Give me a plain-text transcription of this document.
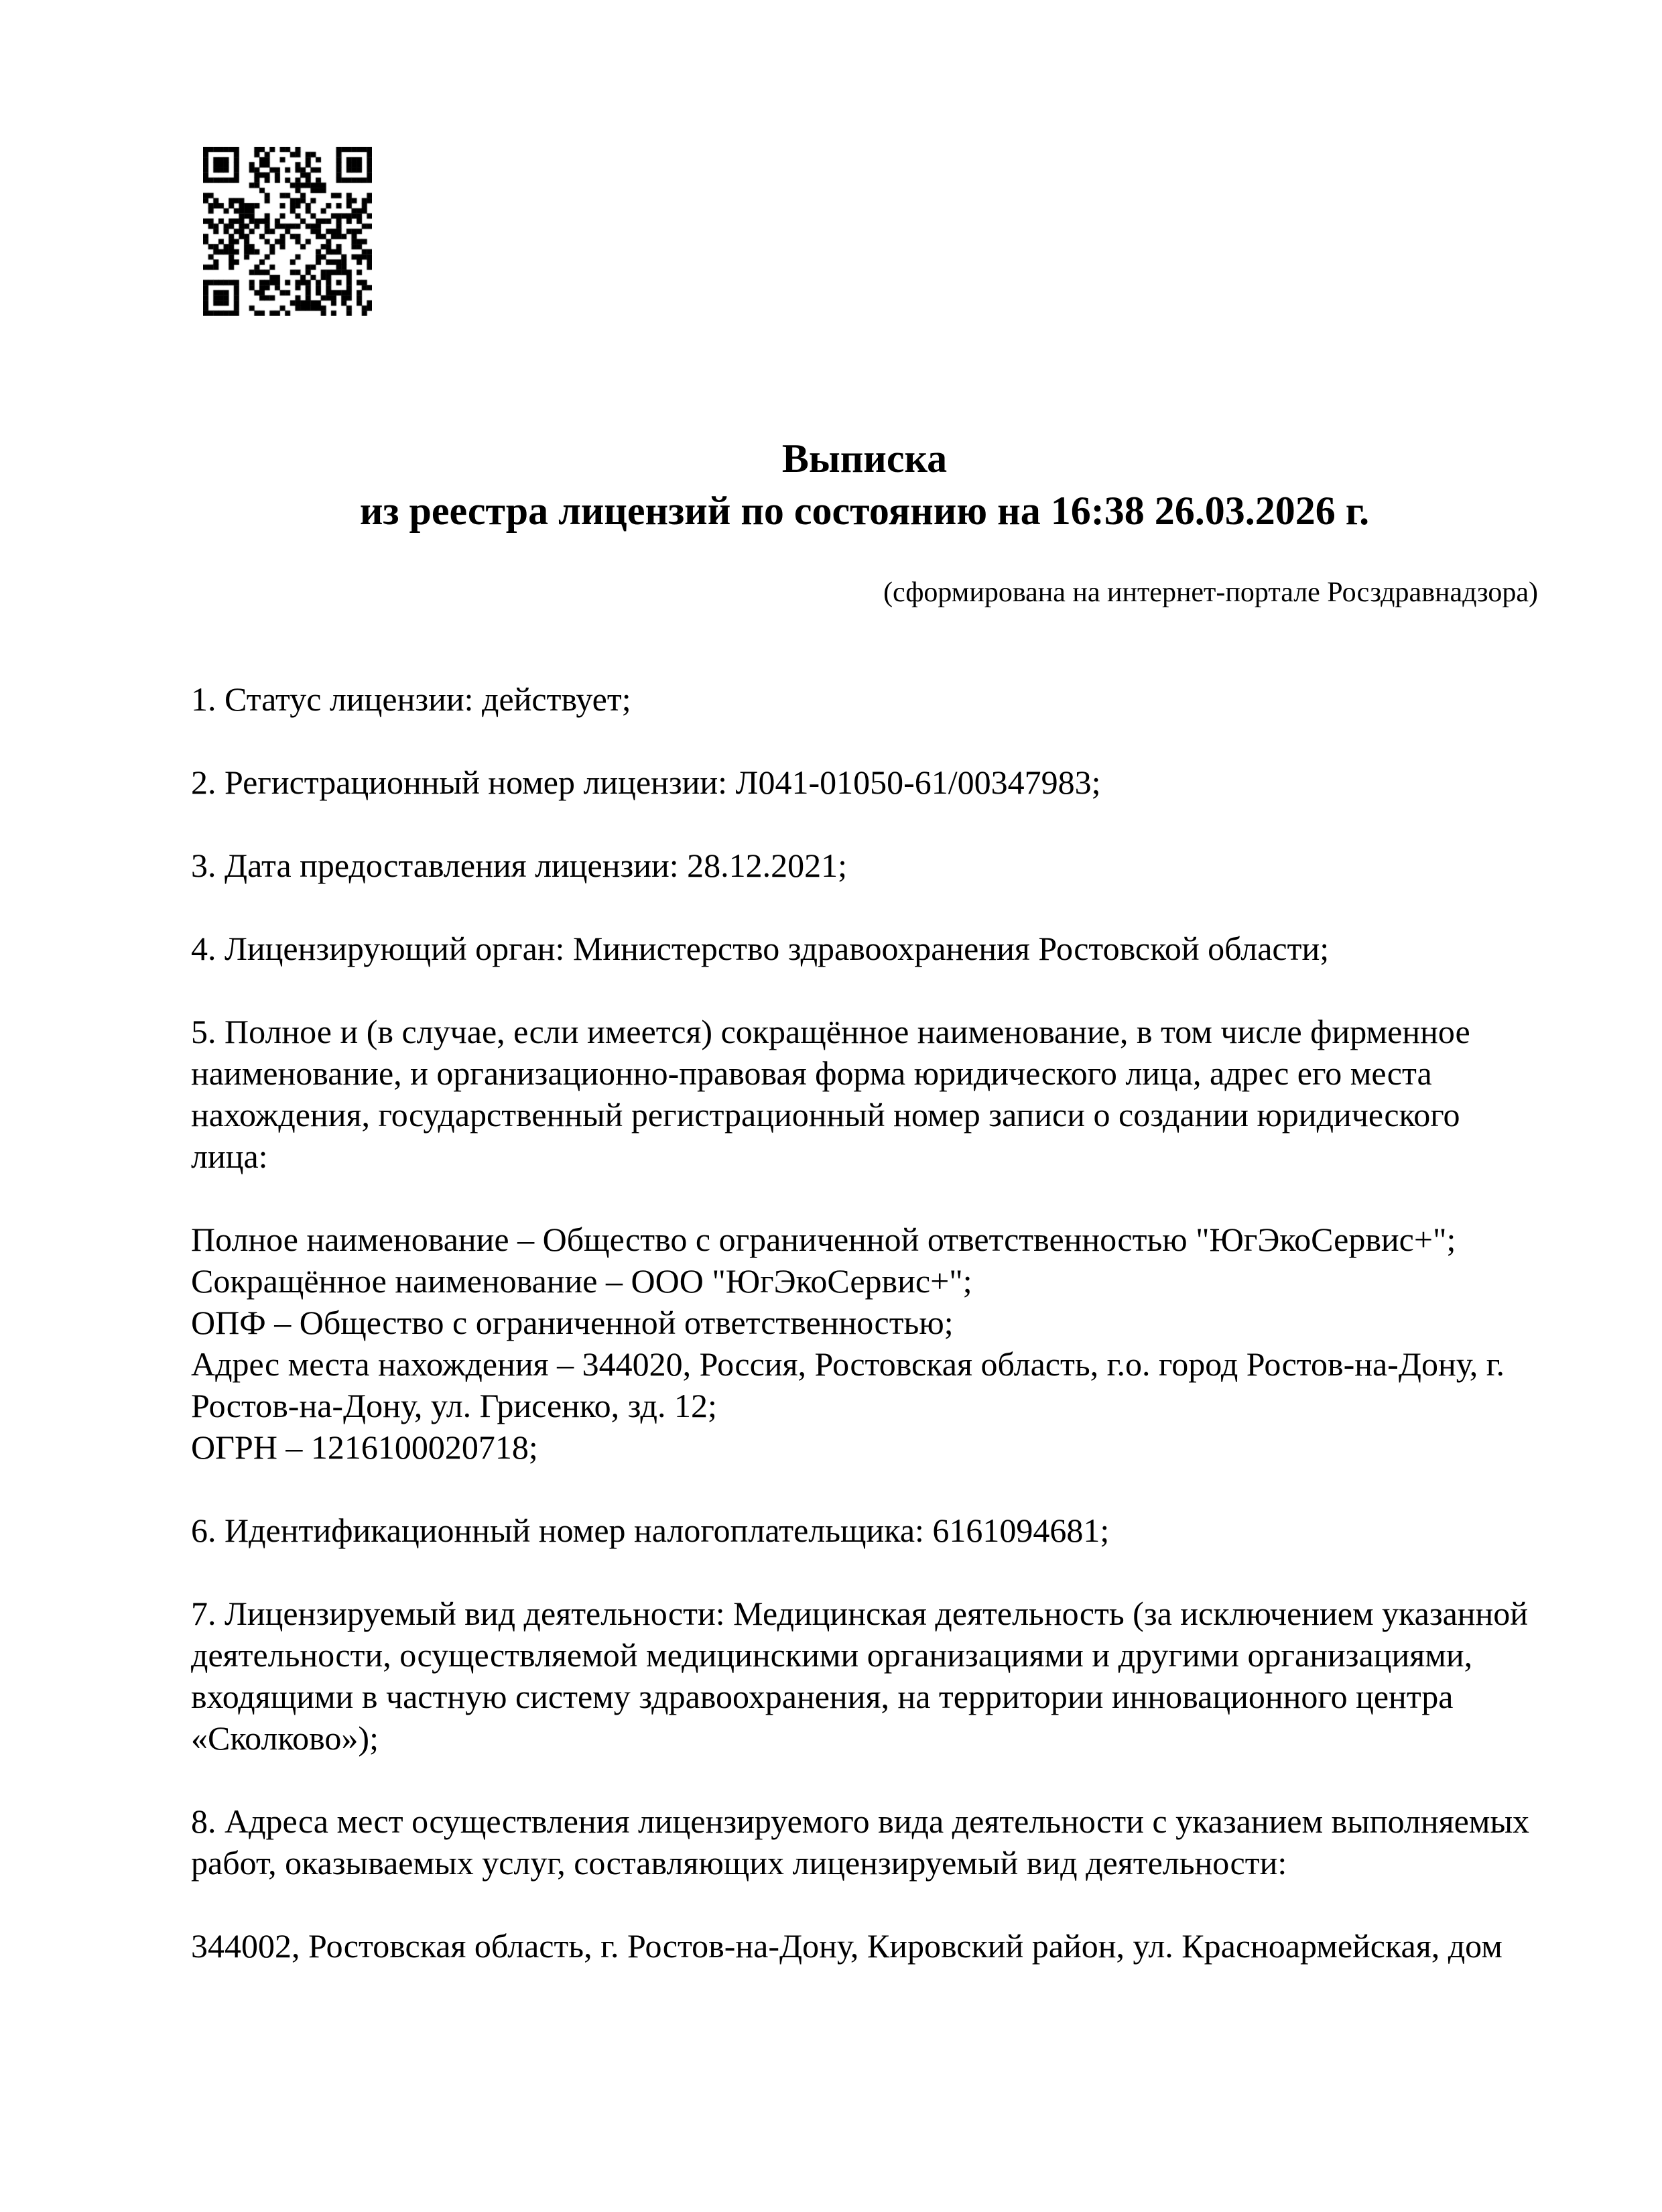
Выписка
из реестра лицензий по состоянию на 16:38 26.03.2026 г.
(сформирована на интернет-портале Росздравнадзора)

1. Статус лицензии: действует;

2. Регистрационный номер лицензии: Л041-01050-61/00347983;

3. Дата предоставления лицензии: 28.12.2021;

4. Лицензирующий орган: Министерство здравоохранения Ростовской области;

5. Полное и (в случае, если имеется) сокращённое наименование, в том числе фирменное наименование, и организационно-правовая форма юридического лица, адрес его места нахождения, государственный регистрационный номер записи о создании юридического лица:

Полное наименование – Общество с ограниченной ответственностью "ЮгЭкоСервис+";
Сокращённое наименование – ООО "ЮгЭкоСервис+";
ОПФ – Общество с ограниченной ответственностью;
Адрес места нахождения – 344020, Россия, Ростовская область, г.о. город Ростов-на-Дону, г. Ростов-на-Дону, ул. Грисенко, зд. 12;
ОГРН – 1216100020718;

6. Идентификационный номер налогоплательщика: 6161094681;

7. Лицензируемый вид деятельности: Медицинская деятельность (за исключением указанной деятельности, осуществляемой медицинскими организациями и другими организациями, входящими в частную систему здравоохранения, на территории инновационного центра «Сколково»);

8. Адреса мест осуществления лицензируемого вида деятельности с указанием выполняемых работ, оказываемых услуг, составляющих лицензируемый вид деятельности:

344002, Ростовская область, г. Ростов-на-Дону, Кировский район, ул. Красноармейская, дом
